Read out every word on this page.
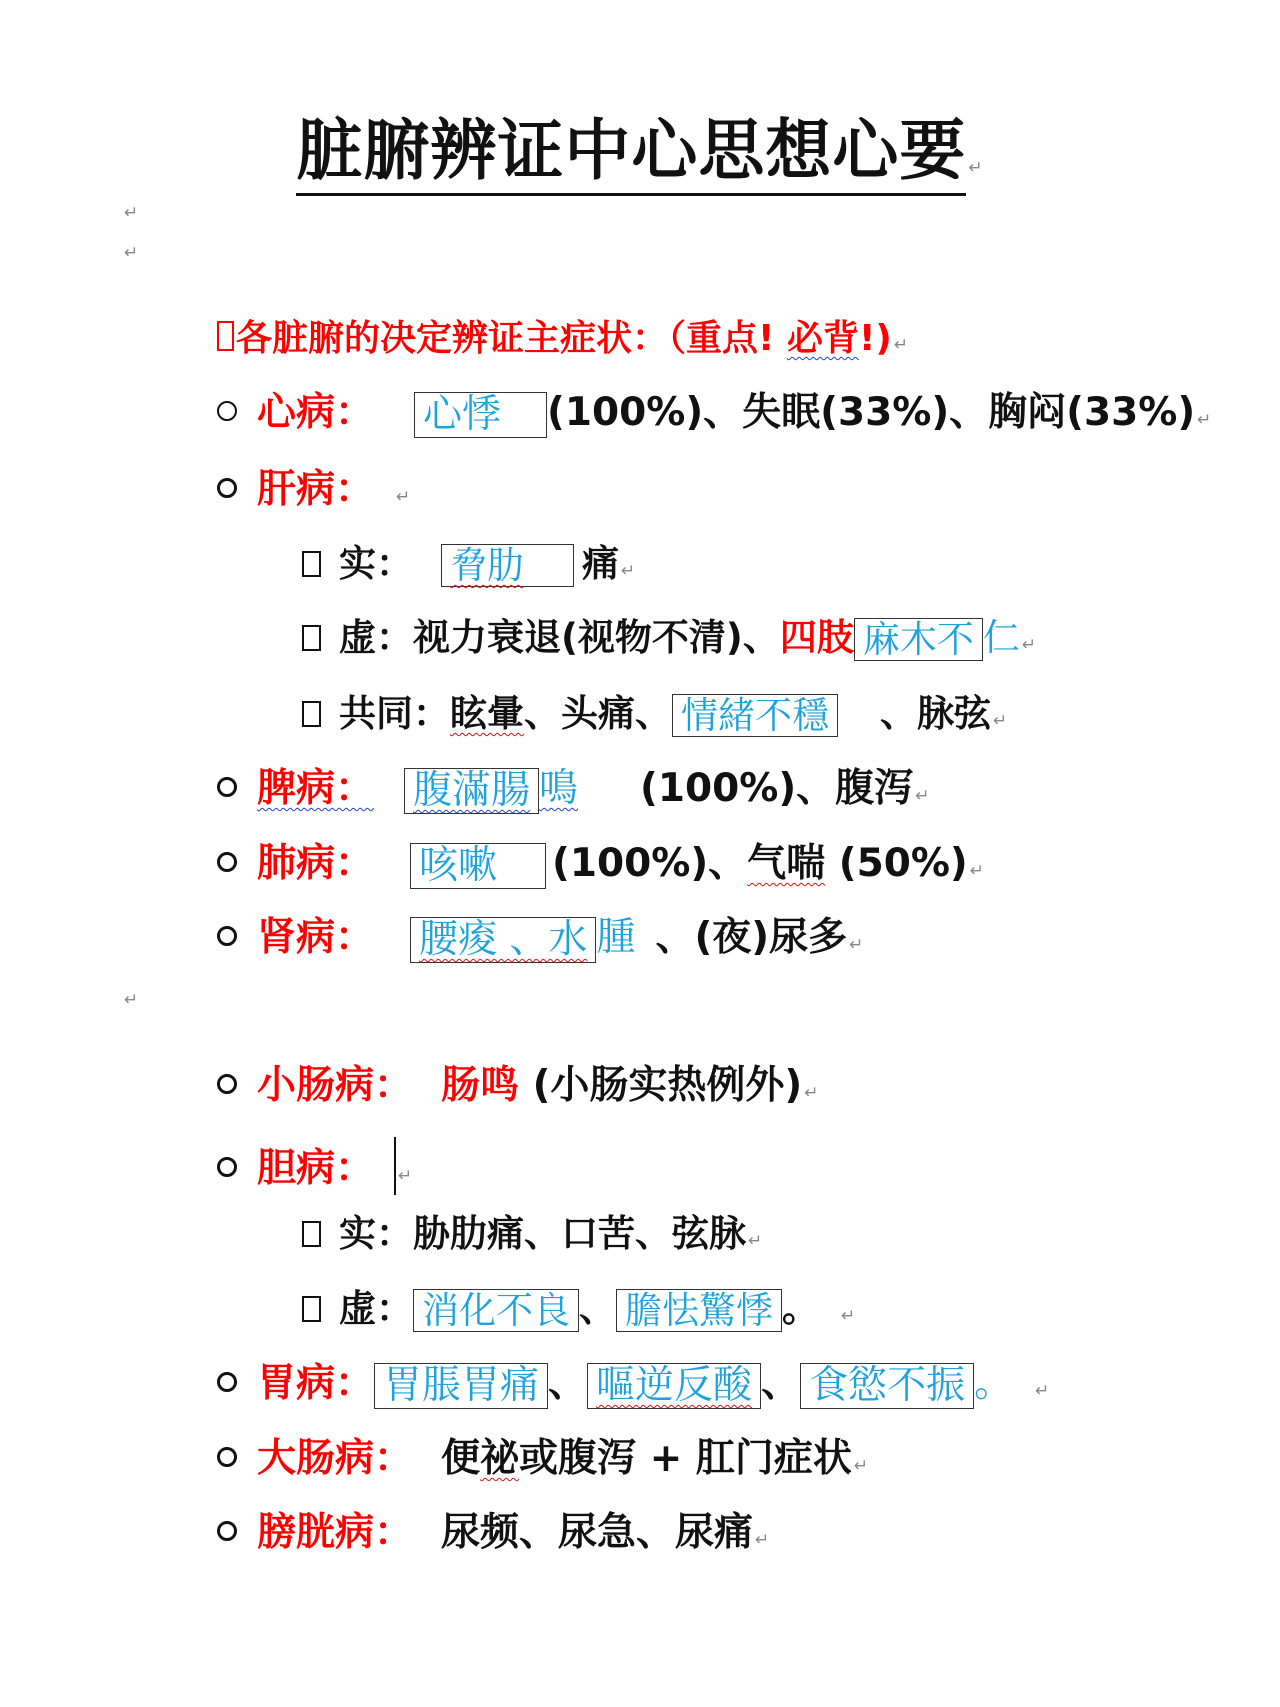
脏腑辨证中心思想心要 ↵
↵
↵
各脏腑的决定辨证主症状：（重点! 必背!) ↵
心病： 心悸 (100%)、失眠(33%)、胸闷(33%) ↵
肝病： ↵
实： 脅肋 痛 ↵
虚：视力衰退(视物不清)、四肢 麻木不 仁 ↵
共同：眩暈、头痛、 情緒不穩 、脉弦 ↵
脾病： 腹滿腸 鳴 (100%)、腹泻 ↵
肺病： 咳嗽 (100%)、气喘 (50%) ↵
肾病： 腰痠 、水 腫 、(夜)尿多 ↵
↵
小肠病： 肠鸣 (小肠实热例外) ↵
胆病： ↵
实：胁肋痛、口苦、弦脉 ↵
虚： 消化不良 、 膽怯驚悸 。 ↵
胃病： 胃脹胃痛 、 嘔逆反酸 、 食慾不振 。 ↵
大肠病： 便祕或腹泻 + 肛门症状 ↵
膀胱病： 尿频、尿急、尿痛 ↵
